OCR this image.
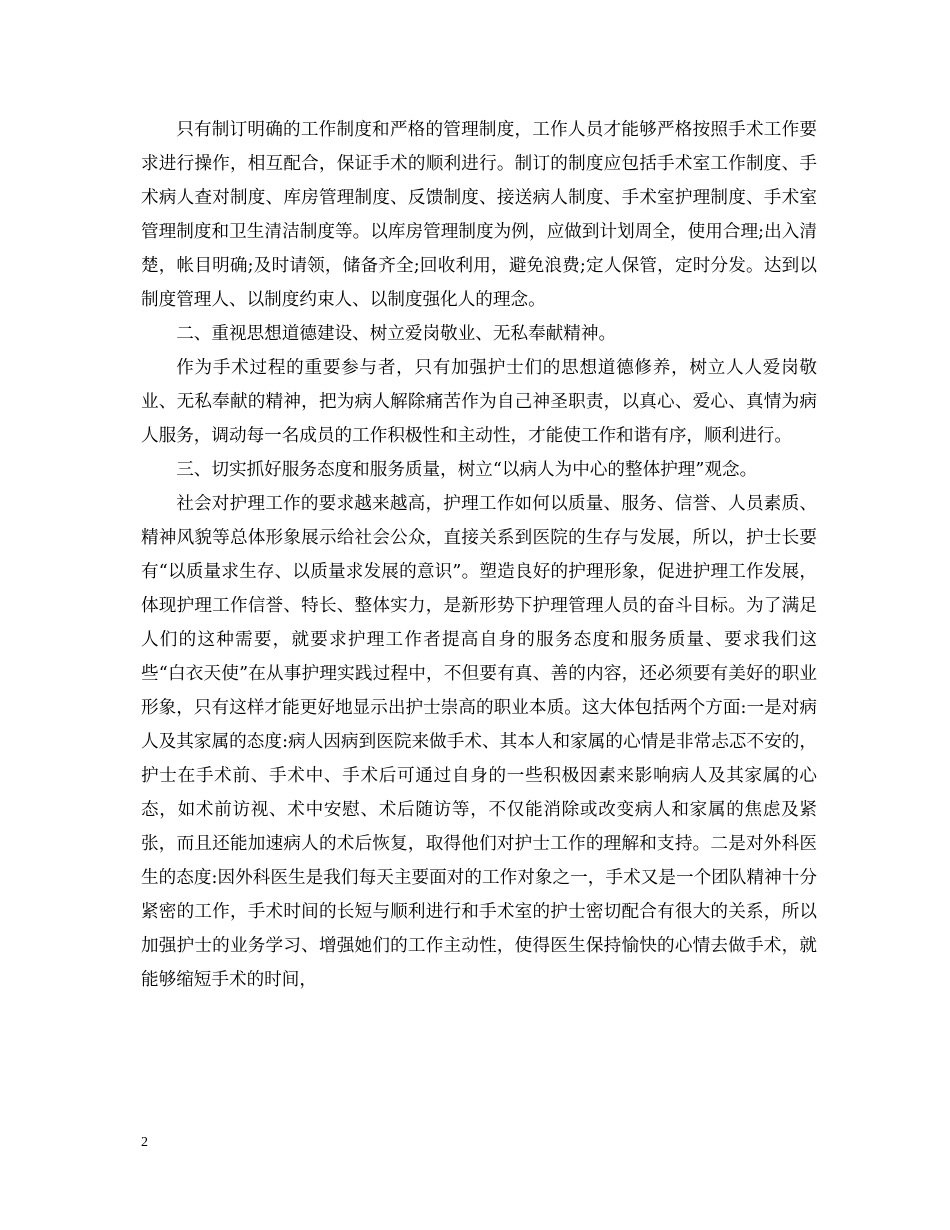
只有制订明确的工作制度和严格的管理制度，工作人员才能够严格按照手术工作要求进行操作，相互配合，保证手术的顺利进行。制订的制度应包括手术室工作制度、手术病人查对制度、库房管理制度、反馈制度、接送病人制度、手术室护理制度、手术室管理制度和卫生清洁制度等。以库房管理制度为例，应做到计划周全，使用合理;出入清楚，帐目明确;及时请领，储备齐全;回收利用，避免浪费;定人保管，定时分发。达到以制度管理人、以制度约束人、以制度强化人的理念。

二、重视思想道德建设、树立爱岗敬业、无私奉献精神。

作为手术过程的重要参与者，只有加强护士们的思想道德修养，树立人人爱岗敬业、无私奉献的精神，把为病人解除痛苦作为自己神圣职责，以真心、爱心、真情为病人服务，调动每一名成员的工作积极性和主动性，才能使工作和谐有序，顺利进行。

三、切实抓好服务态度和服务质量，树立“以病人为中心的整体护理”观念。

社会对护理工作的要求越来越高，护理工作如何以质量、服务、信誉、人员素质、精神风貌等总体形象展示给社会公众，直接关系到医院的生存与发展，所以，护士长要有“以质量求生存、以质量求发展的意识”。塑造良好的护理形象，促进护理工作发展，体现护理工作信誉、特长、整体实力，是新形势下护理管理人员的奋斗目标。为了满足人们的这种需要，就要求护理工作者提高自身的服务态度和服务质量、要求我们这些“白衣天使”在从事护理实践过程中，不但要有真、善的内容，还必须要有美好的职业形象，只有这样才能更好地显示出护士崇高的职业本质。这大体包括两个方面:一是对病人及其家属的态度:病人因病到医院来做手术、其本人和家属的心情是非常忐忑不安的，护士在手术前、手术中、手术后可通过自身的一些积极因素来影响病人及其家属的心态，如术前访视、术中安慰、术后随访等，不仅能消除或改变病人和家属的焦虑及紧张，而且还能加速病人的术后恢复，取得他们对护士工作的理解和支持。二是对外科医生的态度:因外科医生是我们每天主要面对的工作对象之一，手术又是一个团队精神十分紧密的工作，手术时间的长短与顺利进行和手术室的护士密切配合有很大的关系，所以加强护士的业务学习、增强她们的工作主动性，使得医生保持愉快的心情去做手术，就能够缩短手术的时间，

2
